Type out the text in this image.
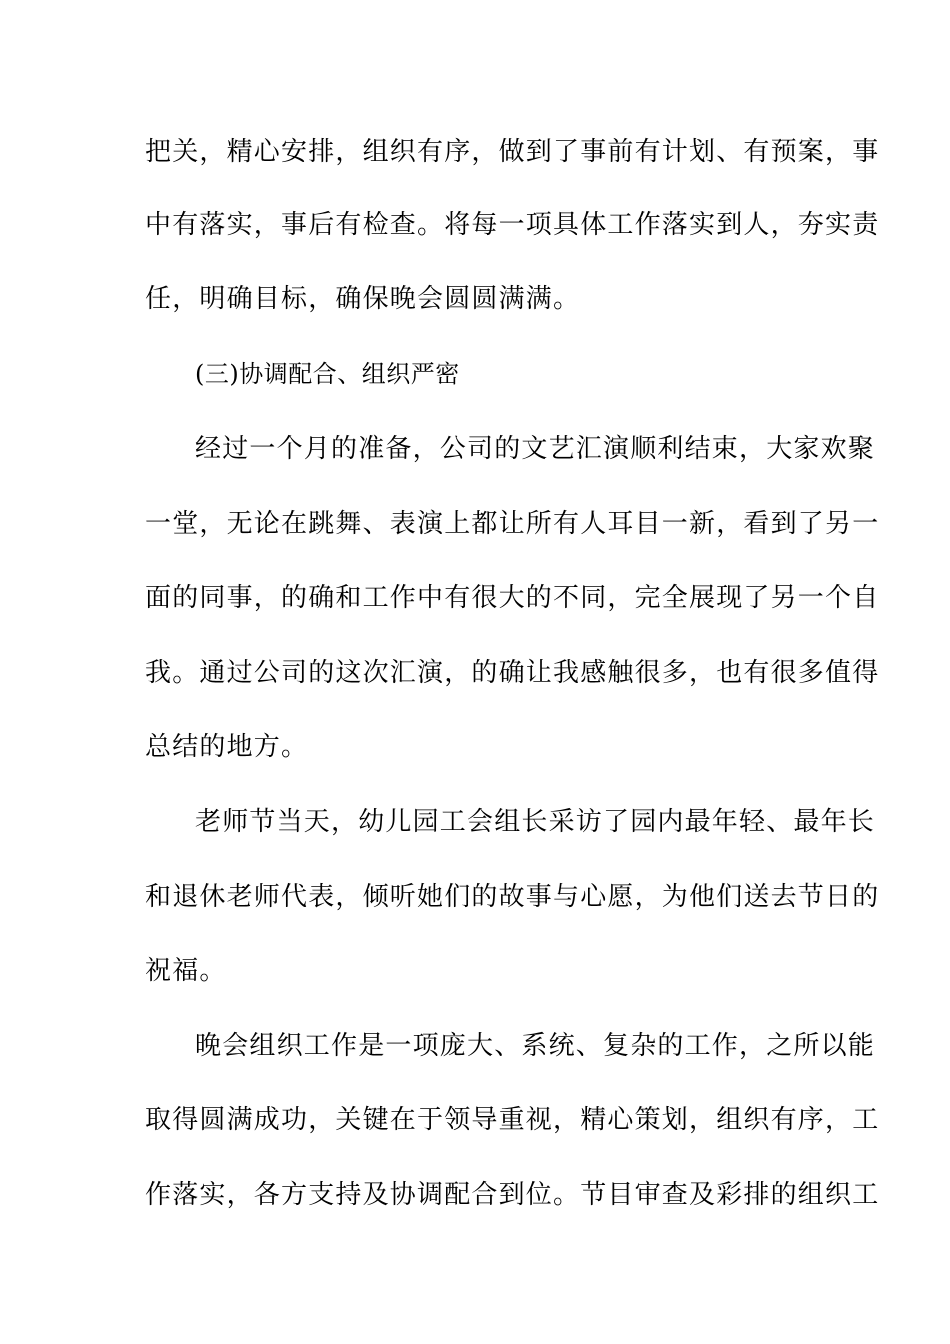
把关，精心安排，组织有序，做到了事前有计划、有预案，事
中有落实，事后有检查。将每一项具体工作落实到人，夯实责
任，明确目标，确保晚会圆圆满满。
(三)协调配合、组织严密
经过一个月的准备，公司的文艺汇演顺利结束，大家欢聚
一堂，无论在跳舞、表演上都让所有人耳目一新，看到了另一
面的同事，的确和工作中有很大的不同，完全展现了另一个自
我。通过公司的这次汇演，的确让我感触很多，也有很多值得
总结的地方。
老师节当天，幼儿园工会组长采访了园内最年轻、最年长
和退休老师代表，倾听她们的故事与心愿，为他们送去节日的
祝福。
晚会组织工作是一项庞大、系统、复杂的工作，之所以能
取得圆满成功，关键在于领导重视，精心策划，组织有序，工
作落实，各方支持及协调配合到位。节目审查及彩排的组织工
